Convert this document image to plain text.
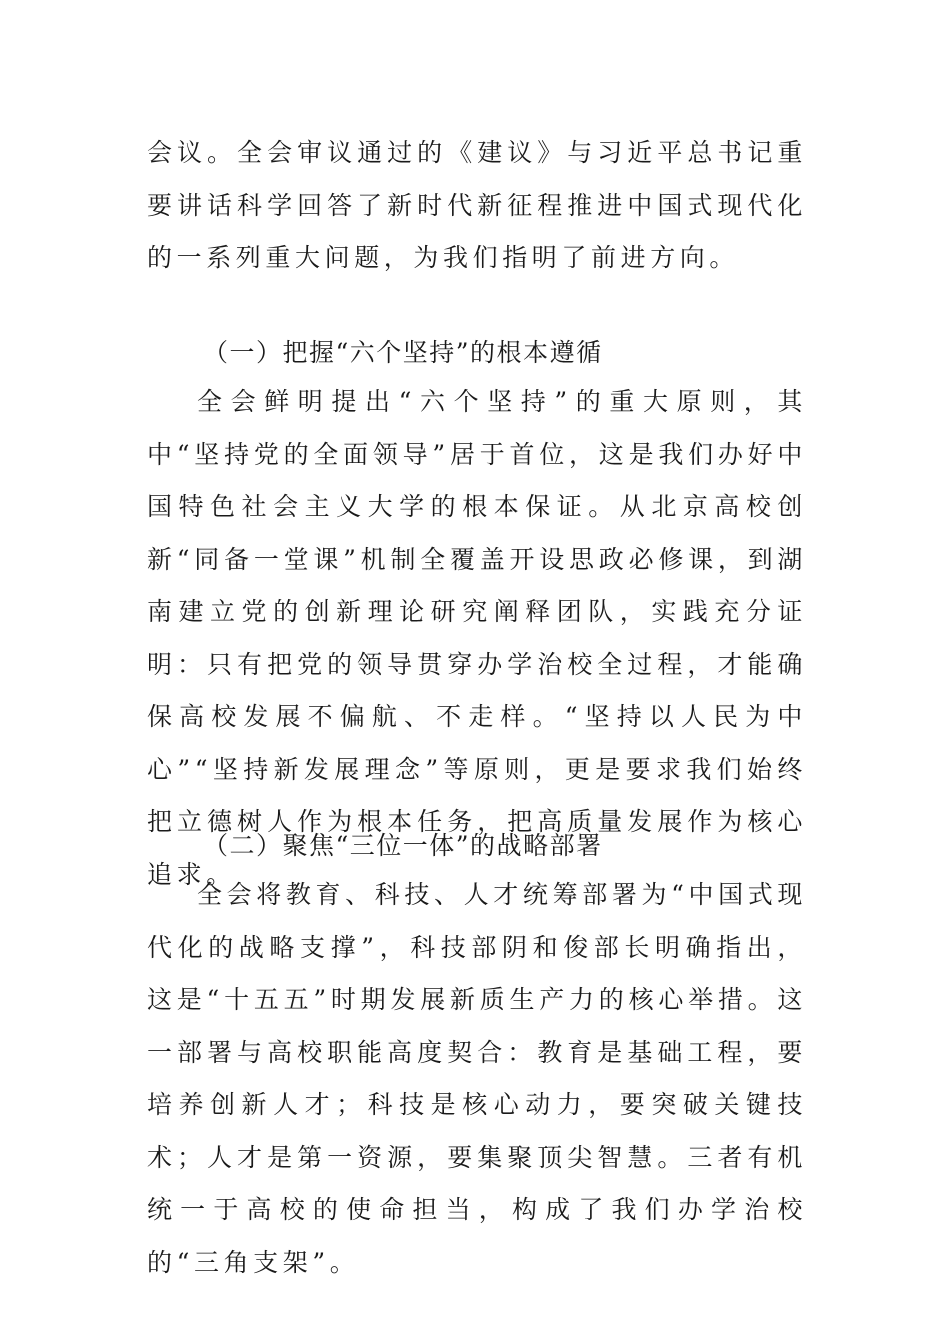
会议。全会审议通过的《建议》与习近平总书记重要讲话科学回答了新时代新征程推进中国式现代化的一系列重大问题，为我们指明了前进方向。

（一）把握“六个坚持”的根本遵循

全会鲜明提出“六个坚持”的重大原则，其中“坚持党的全面领导”居于首位，这是我们办好中国特色社会主义大学的根本保证。从北京高校创新“同备一堂课”机制全覆盖开设思政必修课，到湖南建立党的创新理论研究阐释团队，实践充分证明：只有把党的领导贯穿办学治校全过程，才能确保高校发展不偏航、不走样。“坚持以人民为中心”“坚持新发展理念”等原则，更是要求我们始终把立德树人作为根本任务，把高质量发展作为核心追求。

（二）聚焦“三位一体”的战略部署

全会将教育、科技、人才统筹部署为“中国式现代化的战略支撑”，科技部阴和俊部长明确指出，这是“十五五”时期发展新质生产力的核心举措。这一部署与高校职能高度契合：教育是基础工程，要培养创新人才；科技是核心动力，要突破关键技术；人才是第一资源，要集聚顶尖智慧。三者有机统一于高校的使命担当，构成了我们办学治校的“三角支架”。
